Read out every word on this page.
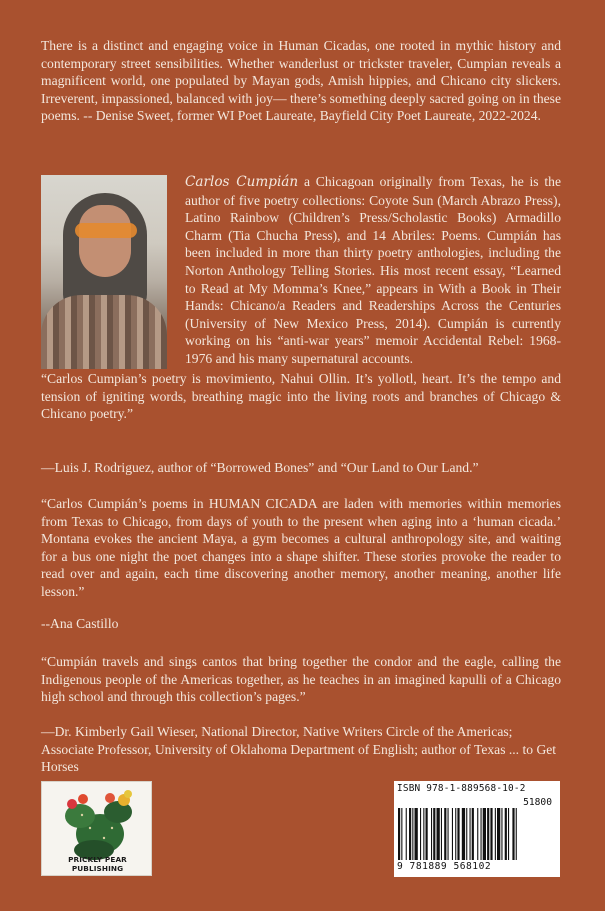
There is a distinct and engaging voice in Human Cicadas, one rooted in mythic history and contemporary street sensibilities. Whether wanderlust or trickster traveler, Cumpian reveals a magnificent world, one populated by Mayan gods, Amish hippies, and Chicano city slickers. Irreverent, impassioned, balanced with joy— there’s something deeply sacred going on in these poems. -- Denise Sweet, former WI Poet Laureate, Bayfield City Poet Laureate, 2022-2024.
Carlos Cumpián a Chicagoan originally from Texas, he is the author of five poetry collections: Coyote Sun (March Abrazo Press), Latino Rainbow (Children’s Press/Scholastic Books) Armadillo Charm (Tia Chucha Press), and 14 Abriles: Poems. Cumpián has been included in more than thirty poetry anthologies, including the Norton Anthology Telling Stories. His most recent essay, “Learned to Read at My Momma’s Knee,” appears in With a Book in Their Hands: Chicano/a Readers and Readerships Across the Centuries (University of New Mexico Press, 2014). Cumpián is currently working on his “anti-war years” memoir Accidental Rebel: 1968-1976 and his many supernatural accounts.
“Carlos Cumpian’s poetry is movimiento, Nahui Ollin. It’s yollotl, heart. It’s the tempo and tension of igniting words, breathing magic into the living roots and branches of Chicago & Chicano poetry.”
—Luis J. Rodriguez, author of “Borrowed Bones” and “Our Land to Our Land.”
“Carlos Cumpián’s poems in HUMAN CICADA are laden with memories within memories from Texas to Chicago, from days of youth to the present when aging into a ‘human cicada.’ Montana evokes the ancient Maya, a gym becomes a cultural anthropology site, and waiting for a bus one night the poet changes into a shape shifter. These stories provoke the reader to read over and again, each time discovering another memory, another meaning, another life lesson.”
--Ana Castillo
“Cumpián travels and sings cantos that bring together the condor and the eagle, calling the Indigenous people of the Americas together, as he teaches in an imagined kapulli of a Chicago high school and through this collection’s pages.”
—Dr. Kimberly Gail Wieser, National Director, Native Writers Circle of the Americas; Associate Professor, University of Oklahoma Department of English; author of Texas ... to Get Horses
PRICKLY PEAR PUBLISHING
ISBN 978-1-889568-10-2
51800
9 781889 568102
